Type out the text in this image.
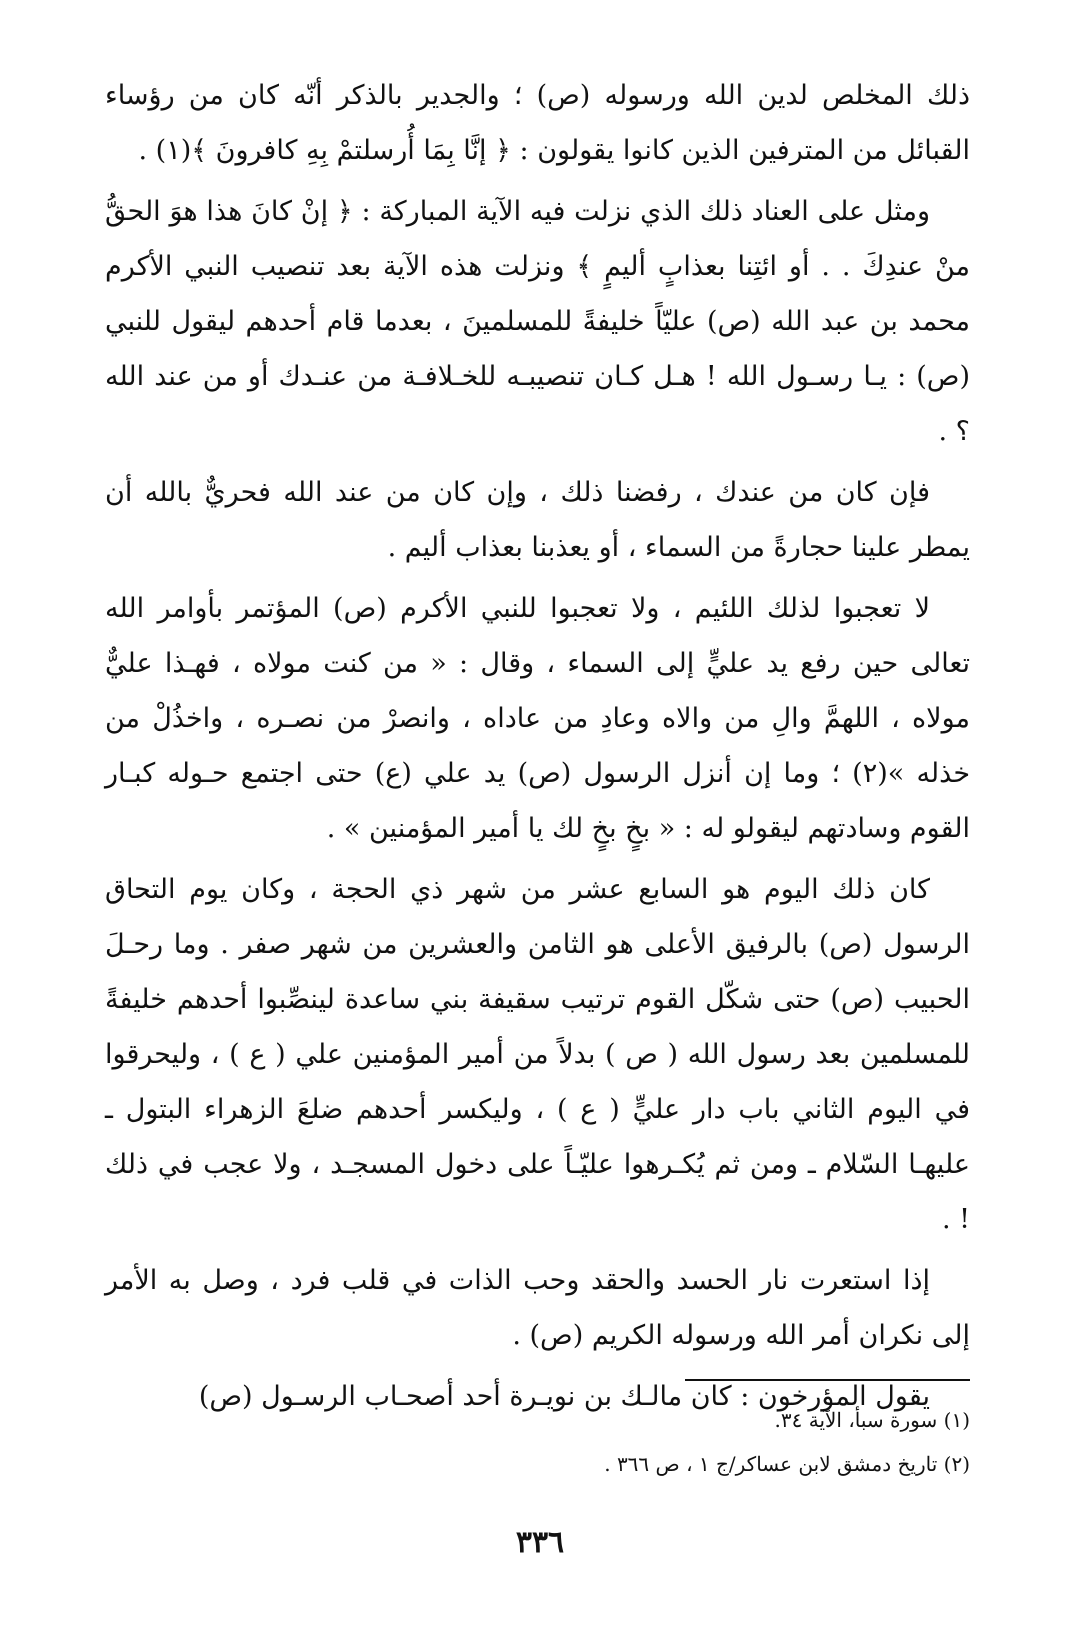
ذلك المخلص لدين الله ورسوله (ص) ؛ والجدير بالذكر أنّه كان من رؤساء القبائل من المترفين الذين كانوا يقولون : ﴿ إنَّا بِمَا أُرسلتمْ بِهِ كافرونَ ﴾(١) .

ومثل على العناد ذلك الذي نزلت فيه الآية المباركة : ﴿ إنْ كانَ هذا هوَ الحقُّ منْ عندِكَ . . أو ائتِنا بعذابٍ أليمٍ ﴾ ونزلت هذه الآية بعد تنصيب النبي الأكرم محمد بن عبد الله (ص) عليّاً خليفةً للمسلمينَ ، بعدما قام أحدهم ليقول للنبي (ص) : يـا رسـول الله ! هـل كـان تنصيبـه للخـلافـة من عنـدك أو من عند الله ؟ .

فإن كان من عندك ، رفضنا ذلك ، وإن كان من عند الله فحريٌّ بالله أن يمطر علينا حجارةً من السماء ، أو يعذبنا بعذاب أليم .

لا تعجبوا لذلك اللئيم ، ولا تعجبوا للنبي الأكرم (ص) المؤتمر بأوامر الله تعالى حين رفع يد عليٍّ إلى السماء ، وقال : « من كنت مولاه ، فهـذا عليٌّ مولاه ، اللهمَّ والِ من والاه وعادِ من عاداه ، وانصرْ من نصـره ، واخذُلْ من خذله »(٢) ؛ وما إن أنزل الرسول (ص) يد علي (ع) حتى اجتمع حـوله كبـار القوم وسادتهم ليقولو له : « بخٍ بخٍ لك يا أمير المؤمنين » .

كان ذلك اليوم هو السابع عشر من شهر ذي الحجة ، وكان يوم التحاق الرسول (ص) بالرفيق الأعلى هو الثامن والعشرين من شهر صفر . وما رحـلَ الحبيب (ص) حتى شكّل القوم ترتيب سقيفة بني ساعدة لينصِّبوا أحدهم خليفةً للمسلمين بعد رسول الله ( ص ) بدلاً من أمير المؤمنين علي ( ع ) ، وليحرقوا في اليوم الثاني باب دار عليٍّ ( ع ) ، وليكسر أحدهم ضلعَ الزهراء البتول ـ عليهـا السّلام ـ ومن ثم يُكـرهوا عليّـاً على دخول المسجـد ، ولا عجب في ذلك ! .

إذا استعرت نار الحسد والحقد وحب الذات في قلب فرد ، وصل به الأمر إلى نكران أمر الله ورسوله الكريم (ص) .

يقول المؤرخون : كان مالـك بن نويـرة أحد أصحـاب الرسـول (ص)

(١) سورة سبأ، الآية ٣٤.

(٢) تاريخ دمشق لابن عساكر/ج ١ ، ص ٣٦٦ .

٣٣٦
